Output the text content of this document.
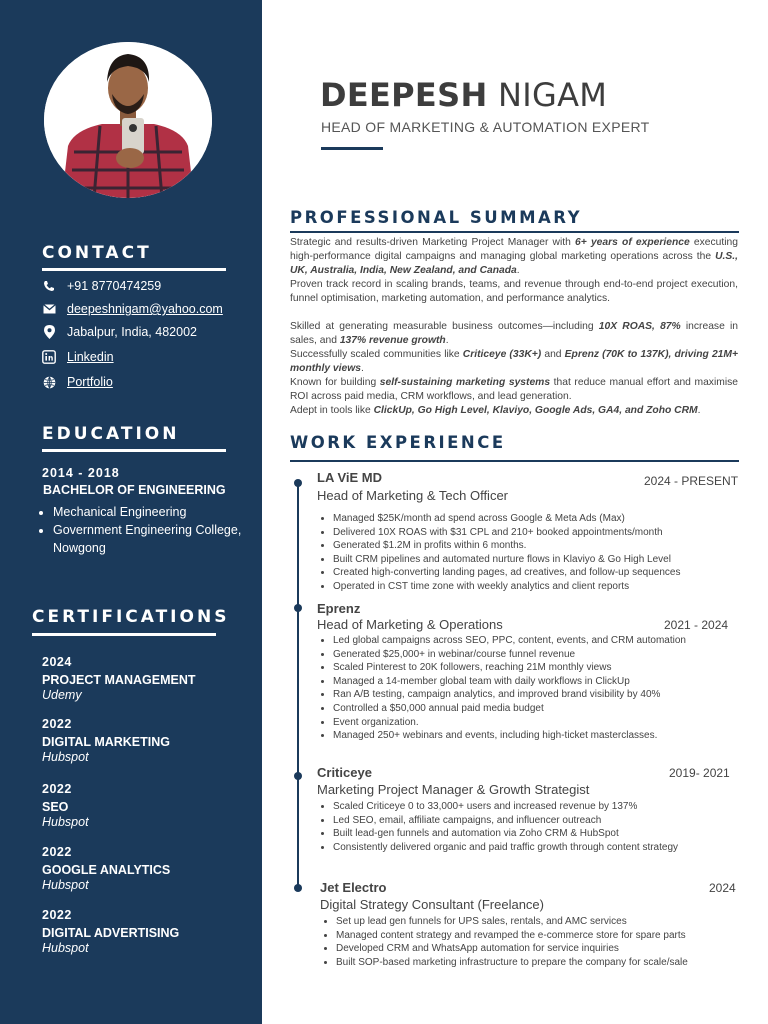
CONTACT
+91 8770474259
deepeshnigam@yahoo.com
Jabalpur, India, 482002
Linkedin
Portfolio
EDUCATION
2014 - 2018
BACHELOR OF ENGINEERING
• Mechanical Engineering
• Government Engineering College, Nowgong
CERTIFICATIONS
2024
PROJECT MANAGEMENT
Udemy
2022
DIGITAL MARKETING
Hubspot
2022
SEO
Hubspot
2022
GOOGLE ANALYTICS
Hubspot
2022
DIGITAL ADVERTISING
Hubspot
DEEPESH NIGAM
HEAD OF MARKETING & AUTOMATION EXPERT
PROFESSIONAL SUMMARY

Strategic and results-driven Marketing Project Manager with 6+ years of experience executing high-performance digital campaigns and managing global marketing operations across the U.S., UK, Australia, India, New Zealand, and Canada.

Proven track record in scaling brands, teams, and revenue through end-to-end project execution, funnel optimisation, marketing automation, and performance analytics.

Skilled at generating measurable business outcomes—including 10X ROAS, 87% increase in sales, and 137% revenue growth.

Successfully scaled communities like Criticeye (33K+) and Eprenz (70K to 137K), driving 21M+ monthly views.

Known for building self-sustaining marketing systems that reduce manual effort and maximise ROI across paid media, CRM workflows, and lead generation.

Adept in tools like ClickUp, Go High Level, Klaviyo, Google Ads, GA4, and Zoho CRM.

WORK EXPERIENCE
LA ViE MD
Head of Marketing & Tech Officer
2024 - PRESENT
• Managed $25K/month ad spend across Google & Meta Ads (Max)
• Delivered 10X ROAS with $31 CPL and 210+ booked appointments/month
• Generated $1.2M in profits within 6 months.
• Built CRM pipelines and automated nurture flows in Klaviyo & Go High Level
• Created high-converting landing pages, ad creatives, and follow-up sequences
• Operated in CST time zone with weekly analytics and client reports
Eprenz
Head of Marketing & Operations	2021 - 2024
• Led global campaigns across SEO, PPC, content, events, and CRM automation
• Generated $25,000+ in webinar/course funnel revenue
• Scaled Pinterest to 20K followers, reaching 21M monthly views
• Managed a 14-member global team with daily workflows in ClickUp
• Ran A/B testing, campaign analytics, and improved brand visibility by 40%
• Controlled a $50,000 annual paid media budget
• Event organization.
• Managed 250+ webinars and events, including high-ticket masterclasses.
Criticeye
Marketing Project Manager & Growth Strategist
2019- 2021
• Scaled Criticeye 0 to 33,000+ users and increased revenue by 137%
• Led SEO, email, affiliate campaigns, and influencer outreach
• Built lead-gen funnels and automation via Zoho CRM & HubSpot
• Consistently delivered organic and paid traffic growth through content strategy
Jet Electro
Digital Strategy Consultant (Freelance)
2024
• Set up lead gen funnels for UPS sales, rentals, and AMC services
• Managed content strategy and revamped the e-commerce store for spare parts
• Developed CRM and WhatsApp automation for service inquiries
• Built SOP-based marketing infrastructure to prepare the company for scale/sale
